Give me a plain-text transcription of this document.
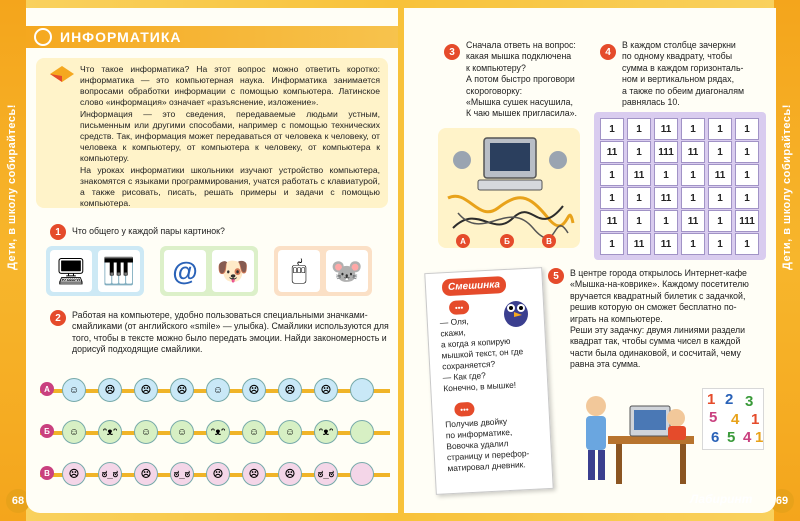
Дети, в школу собирайтесь!
68
Дети, в школу собирайтесь!
69
ИНФОРМАТИКА

Что такое информатика? На этот вопрос можно ответить коротко: информатика — это компьютерная наука. Информатика занимается вопросами обработки информации с помощью компьютера. Латинское слово «информация» означает «разъяснение, изложение».

Информация — это сведения, передаваемые людьми устным, письменным или другими способами, например с помощью технических средств. Так, информация может передаваться от человека к человеку, от человека к компьютеру, от компьютера к человеку, от компьютера к компьютеру.

На уроках информатики школьники изучают устройство компьютера, знакомятся с языками программирования, учатся работать с клавиатурой, а также рисовать, писать, решать примеры и задачи с помощью компьютера.

1	Что общего у каждой пары картинок?
🖥 🎹	@ 🐶	🖱 🐭
2	Работая на компьютере, удобно пользоваться специальными значками-смайликами (от английского «smile» — улыбка). Смайлики используются для того, чтобы в тексте можно было передать эмоции. Найди закономерность и дорисуй подходящие смайлики.
А	☺	☹	☹	☹	☺	☹	☹	☹
Б	☺	ᵔᴥᵔ	☺	☺	ᵔᴥᵔ	☺	☺	ᵔᴥᵔ
В	☹	ಠ_ಠ	☹	ಠ_ಠ	☹	☹	☹	ಠ_ಠ
3
Сначала ответь на вопрос:
какая мышка подключена
к компьютеру?
А потом быстро проговори
скороговорку:
«Мышка сушек насушила,
К чаю мышек пригласила».
А	Б	В
4
В каждом столбце зачеркни
по одному квадрату, чтобы
сумма в каждом горизонталь-
ном и вертикальном рядах,
а также по обеим диагоналям
равнялась 10.
1	1	11	1	1	1
11	1	111	11	1	1
1	11	1	1	11	1
1	1	11	1	1	1
11	1	1	11	1	111
1	11	11	1	1	1
Смешинка
•••
— Оля,
скажи,
а когда я копирую
мышкой текст, он где
сохраняется?
— Как где?
Конечно, в мышке!
•••
Получив двойку
по информатике,
Вовочка удалил
страницу и перефор-
матировал дневник.
5	В центре города открылось Интернет-кафе
«Мышка-на-коврике». Каждому посетителю
вручается квадратный билетик с задачкой,
решив которую он сможет бесплатно по-
играть на компьютере.
Реши эту задачку: двумя линиями раздели
квадрат так, чтобы сумма чисел в каждой
части была одинаковой, и сосчитай, чему
равна эта сумма.
1 2 3
5 4 1
6 5 4 1
Лабиринт
